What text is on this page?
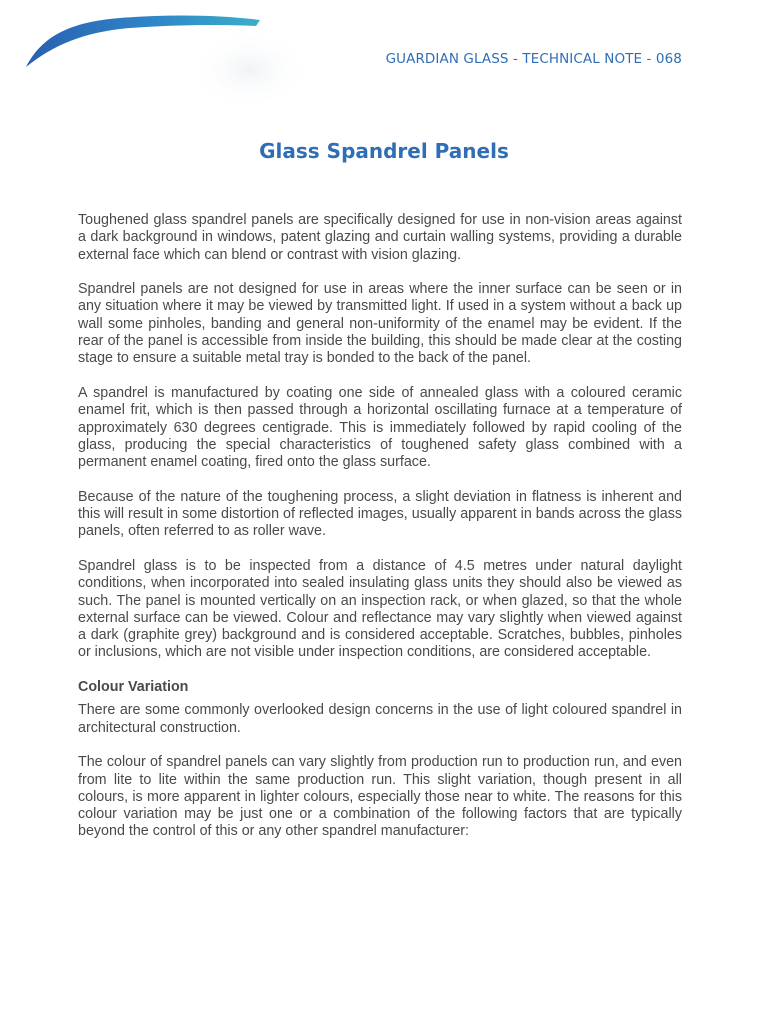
GUARDIAN GLASS - TECHNICAL NOTE - 068
Glass Spandrel Panels

Toughened glass spandrel panels are specifically designed for use in non-vision areas against a dark background in windows, patent glazing and curtain walling systems, providing a durable external face which can blend or contrast with vision glazing.

Spandrel panels are not designed for use in areas where the inner surface can be seen or in any situation where it may be viewed by transmitted light. If used in a system without a back up wall some pinholes, banding and general non-uniformity of the enamel may be evident. If the rear of the panel is accessible from inside the building, this should be made clear at the costing stage to ensure a suitable metal tray is bonded to the back of the panel.

A spandrel is manufactured by coating one side of annealed glass with a coloured ceramic enamel frit, which is then passed through a horizontal oscillating furnace at a temperature of approximately 630 degrees centigrade. This is immediately followed by rapid cooling of the glass, producing the special characteristics of toughened safety glass combined with a permanent enamel coating, fired onto the glass surface.

Because of the nature of the toughening process, a slight deviation in flatness is inherent and this will result in some distortion of reflected images, usually apparent in bands across the glass panels, often referred to as roller wave.

Spandrel glass is to be inspected from a distance of 4.5 metres under natural daylight conditions, when incorporated into sealed insulating glass units they should also be viewed as such. The panel is mounted vertically on an inspection rack, or when glazed, so that the whole external surface can be viewed. Colour and reflectance may vary slightly when viewed against a dark (graphite grey) background and is considered acceptable. Scratches, bubbles, pinholes or inclusions, which are not visible under inspection conditions, are considered acceptable.

Colour Variation

There are some commonly overlooked design concerns in the use of light coloured spandrel in architectural construction.

The colour of spandrel panels can vary slightly from production run to production run, and even from lite to lite within the same production run. This slight variation, though present in all colours, is more apparent in lighter colours, especially those near to white. The reasons for this colour variation may be just one or a combination of the following factors that are typically beyond the control of this or any other spandrel manufacturer:
